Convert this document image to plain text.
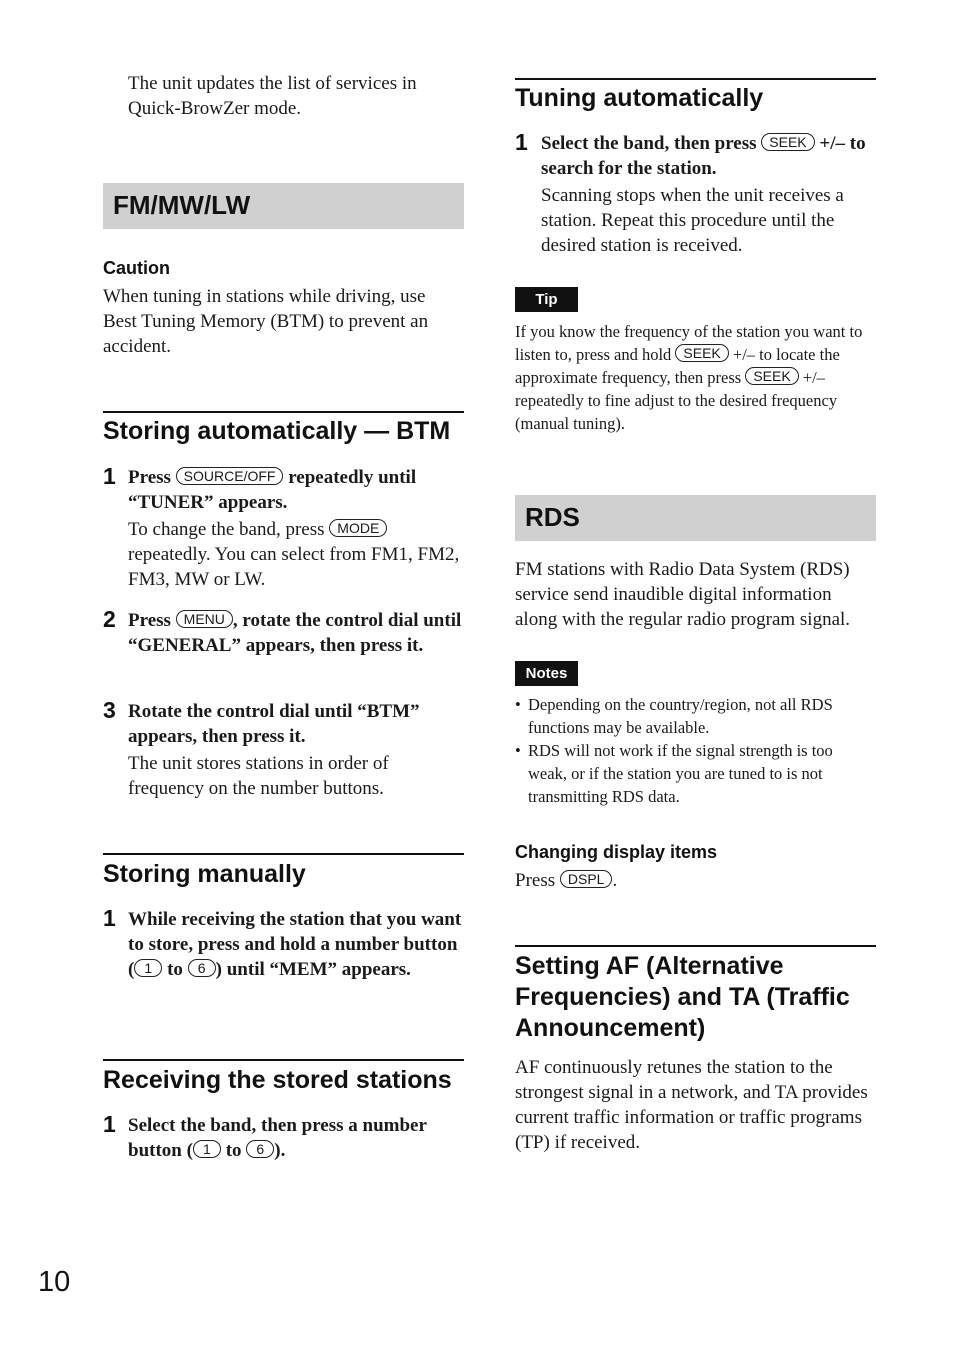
The unit updates the list of services in Quick-BrowZer mode.
FM/MW/LW
Caution
When tuning in stations while driving, use Best Tuning Memory (BTM) to prevent an accident.
Storing automatically — BTM
1 Press SOURCE/OFF repeatedly until “TUNER” appears.
To change the band, press MODE repeatedly. You can select from FM1, FM2, FM3, MW or LW.
2 Press MENU , rotate the control dial until “GENERAL” appears, then press it.
3 Rotate the control dial until “BTM” appears, then press it.
The unit stores stations in order of frequency on the number buttons.
Storing manually
1 While receiving the station that you want to store, press and hold a number button ( 1 to 6 ) until “MEM” appears.
Receiving the stored stations
1 Select the band, then press a number button ( 1 to 6 ).
10
Tuning automatically
1 Select the band, then press SEEK +/– to search for the station.
Scanning stops when the unit receives a station. Repeat this procedure until the desired station is received.
Tip
If you know the frequency of the station you want to listen to, press and hold SEEK +/– to locate the approximate frequency, then press SEEK +/– repeatedly to fine adjust to the desired frequency (manual tuning).
RDS
FM stations with Radio Data System (RDS) service send inaudible digital information along with the regular radio program signal.
Notes
• Depending on the country/region, not all RDS functions may be available.
• RDS will not work if the signal strength is too weak, or if the station you are tuned to is not transmitting RDS data.
Changing display items
Press DSPL .
Setting AF (Alternative Frequencies) and TA (Traffic Announcement)
AF continuously retunes the station to the strongest signal in a network, and TA provides current traffic information or traffic programs (TP) if received.
